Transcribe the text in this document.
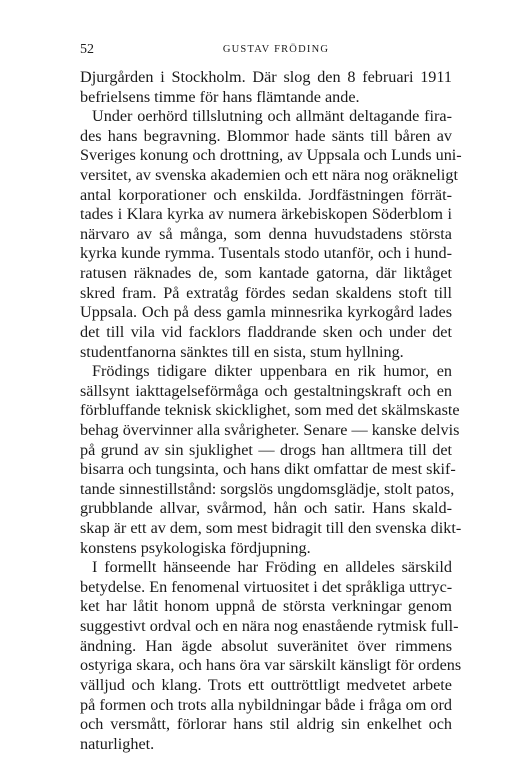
52	GUSTAV FRÖDING
Djurgården i Stockholm. Där slog den 8 februari 1911
befrielsens timme för hans flämtande ande.
Under oerhörd tillslutning och allmänt deltagande fira-
des hans begravning. Blommor hade sänts till båren av
Sveriges konung och drottning, av Uppsala och Lunds uni-
versitet, av svenska akademien och ett nära nog oräkneligt
antal korporationer och enskilda. Jordfästningen förrät-
tades i Klara kyrka av numera ärkebiskopen Söderblom i
närvaro av så många, som denna huvudstadens största
kyrka kunde rymma. Tusentals stodo utanför, och i hund-
ratusen räknades de, som kantade gatorna, där liktåget
skred fram. På extratåg fördes sedan skaldens stoft till
Uppsala. Och på dess gamla minnesrika kyrkogård lades
det till vila vid facklors fladdrande sken och under det
studentfanorna sänktes till en sista, stum hyllning.
Frödings tidigare dikter uppenbara en rik humor, en
sällsynt iakttagelseförmåga och gestaltningskraft och en
förbluffande teknisk skicklighet, som med det skälmskaste
behag övervinner alla svårigheter. Senare — kanske delvis
på grund av sin sjuklighet — drogs han alltmera till det
bisarra och tungsinta, och hans dikt omfattar de mest skif-
tande sinnestillstånd: sorgslös ungdomsglädje, stolt patos,
grubblande allvar, svårmod, hån och satir. Hans skald-
skap är ett av dem, som mest bidragit till den svenska dikt-
konstens psykologiska fördjupning.
I formellt hänseende har Fröding en alldeles särskild
betydelse. En fenomenal virtuositet i det språkliga uttryc-
ket har låtit honom uppnå de största verkningar genom
suggestivt ordval och en nära nog enastående rytmisk full-
ändning. Han ägde absolut suveränitet över rimmens
ostyriga skara, och hans öra var särskilt känsligt för ordens
välljud och klang. Trots ett outtröttligt medvetet arbete
på formen och trots alla nybildningar både i fråga om ord
och versmått, förlorar hans stil aldrig sin enkelhet och
naturlighet.
